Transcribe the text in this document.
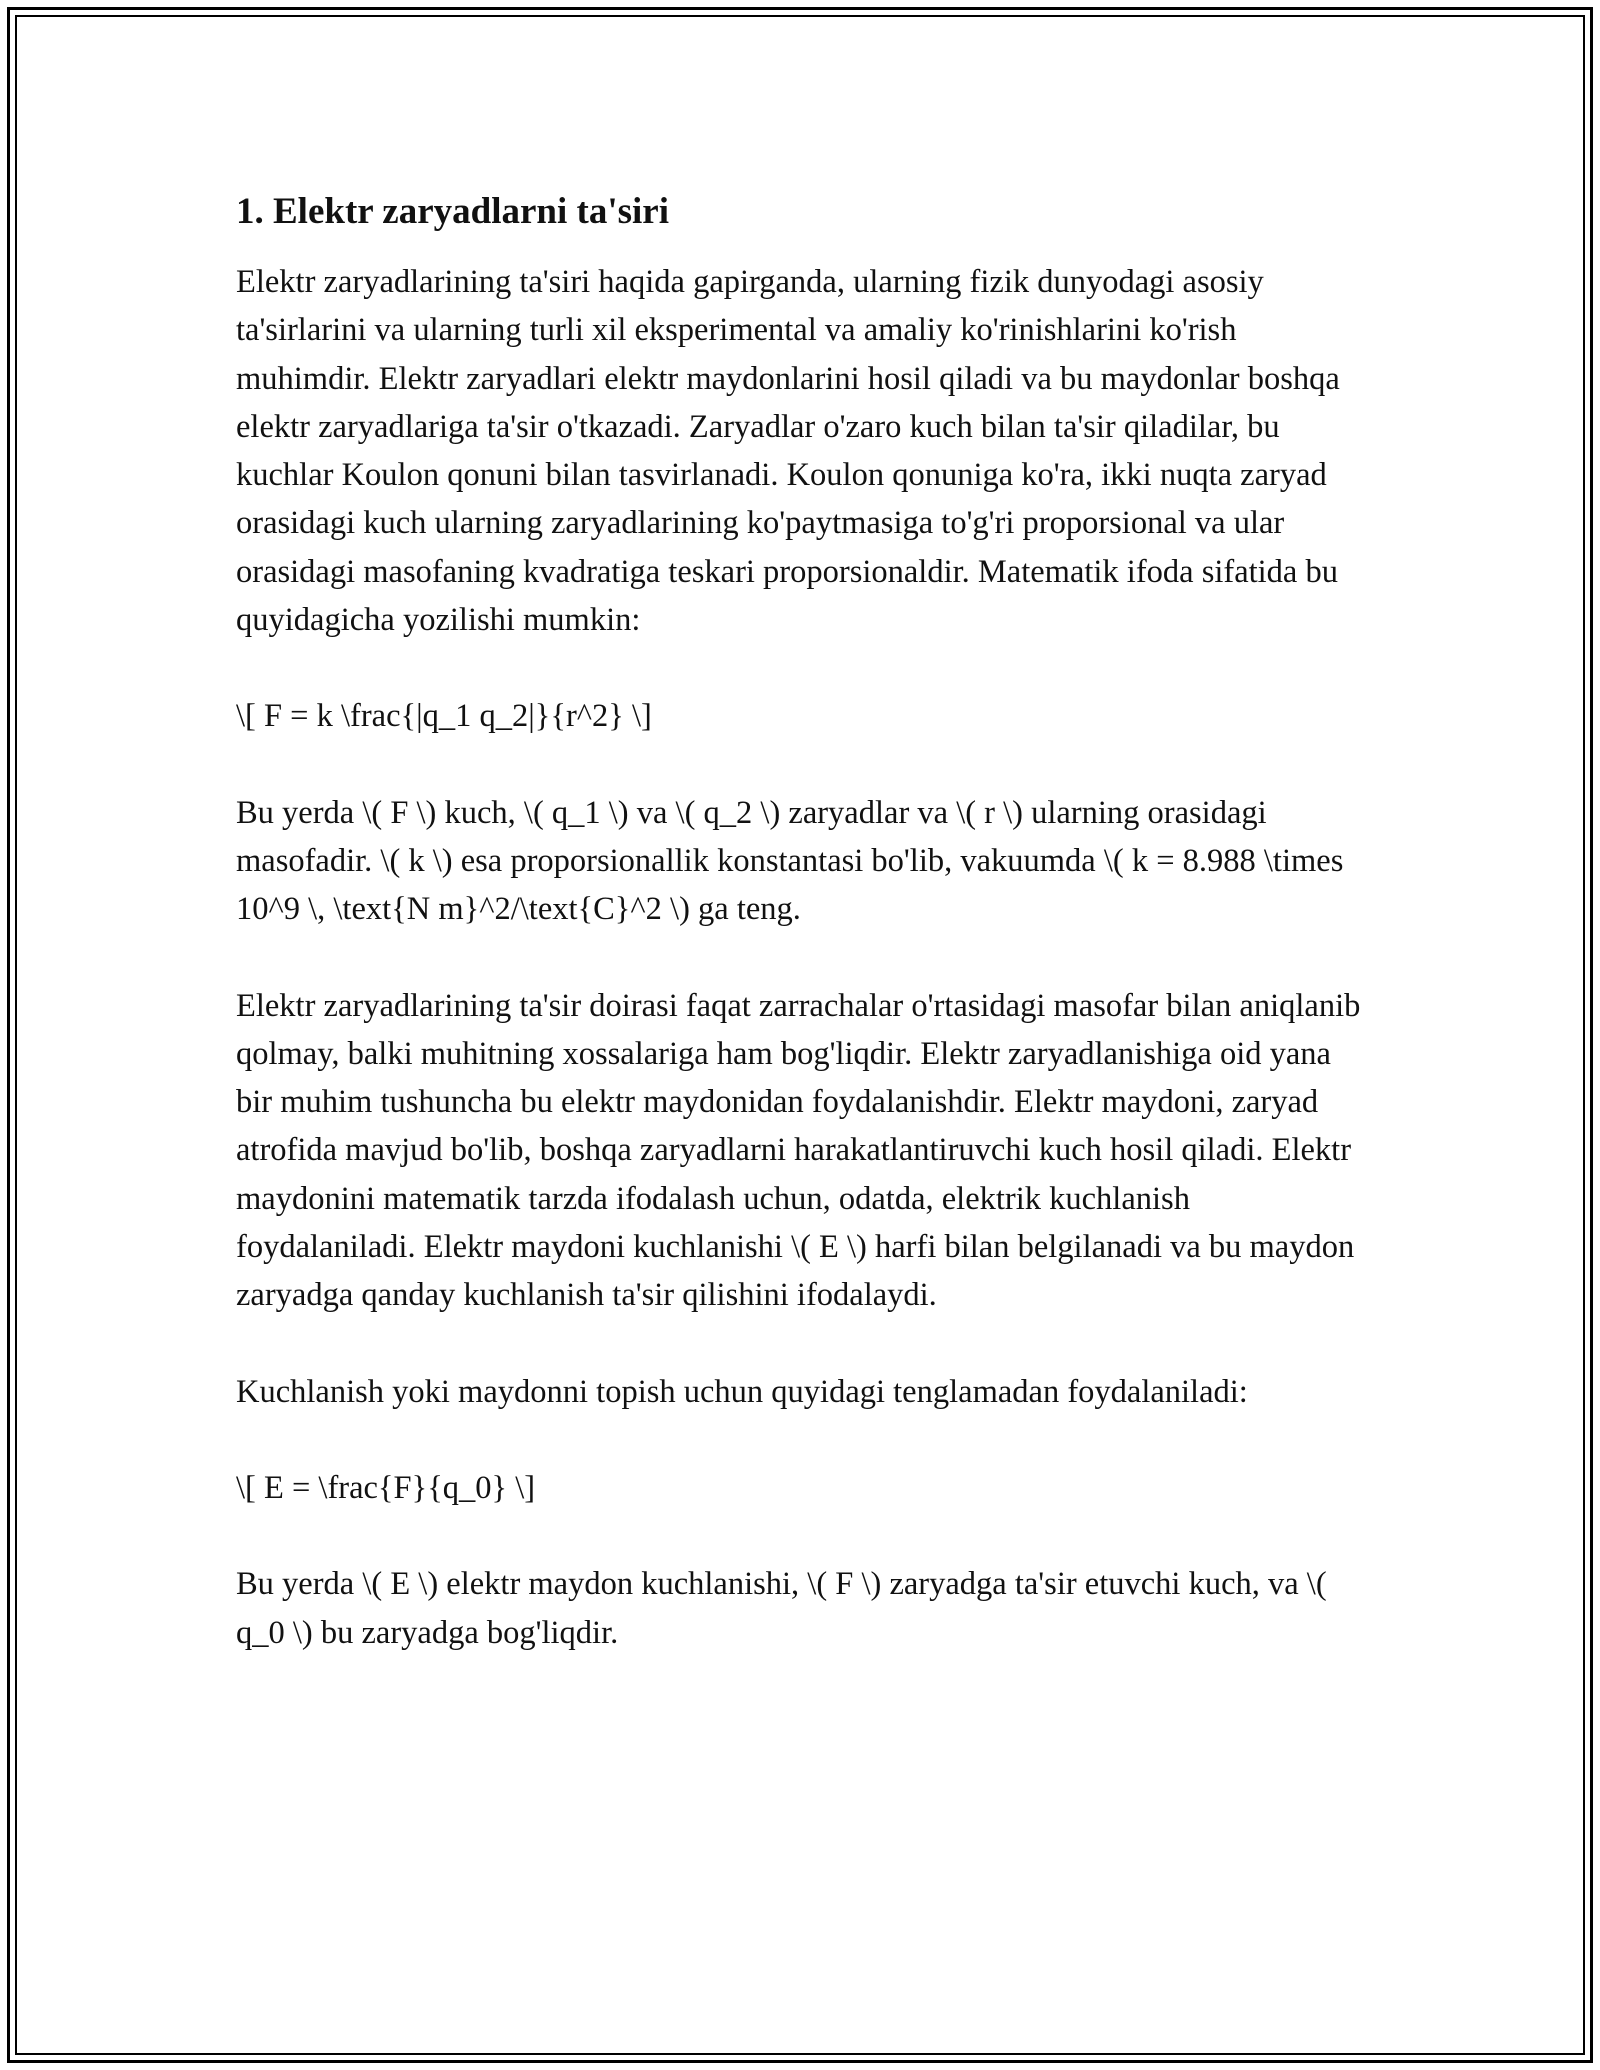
1. Elektr zaryadlarni ta'siri

Elektr zaryadlarining ta'siri haqida gapirganda, ularning fizik dunyodagi asosiy ta'sirlarini va ularning turli xil eksperimental va amaliy ko'rinishlarini ko'rish muhimdir. Elektr zaryadlari elektr maydonlarini hosil qiladi va bu maydonlar boshqa elektr zaryadlariga ta'sir o'tkazadi. Zaryadlar o'zaro kuch bilan ta'sir qiladilar, bu kuchlar Koulon qonuni bilan tasvirlanadi. Koulon qonuniga ko'ra, ikki nuqta zaryad orasidagi kuch ularning zaryadlarining ko'paytmasiga to'g'ri proporsional va ular orasidagi masofaning kvadratiga teskari proporsionaldir. Matematik ifoda sifatida bu quyidagicha yozilishi mumkin:

\[ F = k \frac{|q_1 q_2|}{r^2} \]

Bu yerda \( F \) kuch, \( q_1 \) va \( q_2 \) zaryadlar va \( r \) ularning orasidagi masofadir. \( k \) esa proporsionallik konstantasi bo'lib, vakuumda \( k = 8.988 \times 10^9 \, \text{N m}^2/\text{C}^2 \) ga teng.

Elektr zaryadlarining ta'sir doirasi faqat zarrachalar o'rtasidagi masofar bilan aniqlanib qolmay, balki muhitning xossalariga ham bog'liqdir. Elektr zaryadlanishiga oid yana bir muhim tushuncha bu elektr maydonidan foydalanishdir. Elektr maydoni, zaryad atrofida mavjud bo'lib, boshqa zaryadlarni harakatlantiruvchi kuch hosil qiladi. Elektr maydonini matematik tarzda ifodalash uchun, odatda, elektrik kuchlanish foydalaniladi. Elektr maydoni kuchlanishi \( E \) harfi bilan belgilanadi va bu maydon zaryadga qanday kuchlanish ta'sir qilishini ifodalaydi.

Kuchlanish yoki maydonni topish uchun quyidagi tenglamadan foydalaniladi:

\[ E = \frac{F}{q_0} \]

Bu yerda \( E \) elektr maydon kuchlanishi, \( F \) zaryadga ta'sir etuvchi kuch, va \( q_0 \) bu zaryadga bog'liqdir.
